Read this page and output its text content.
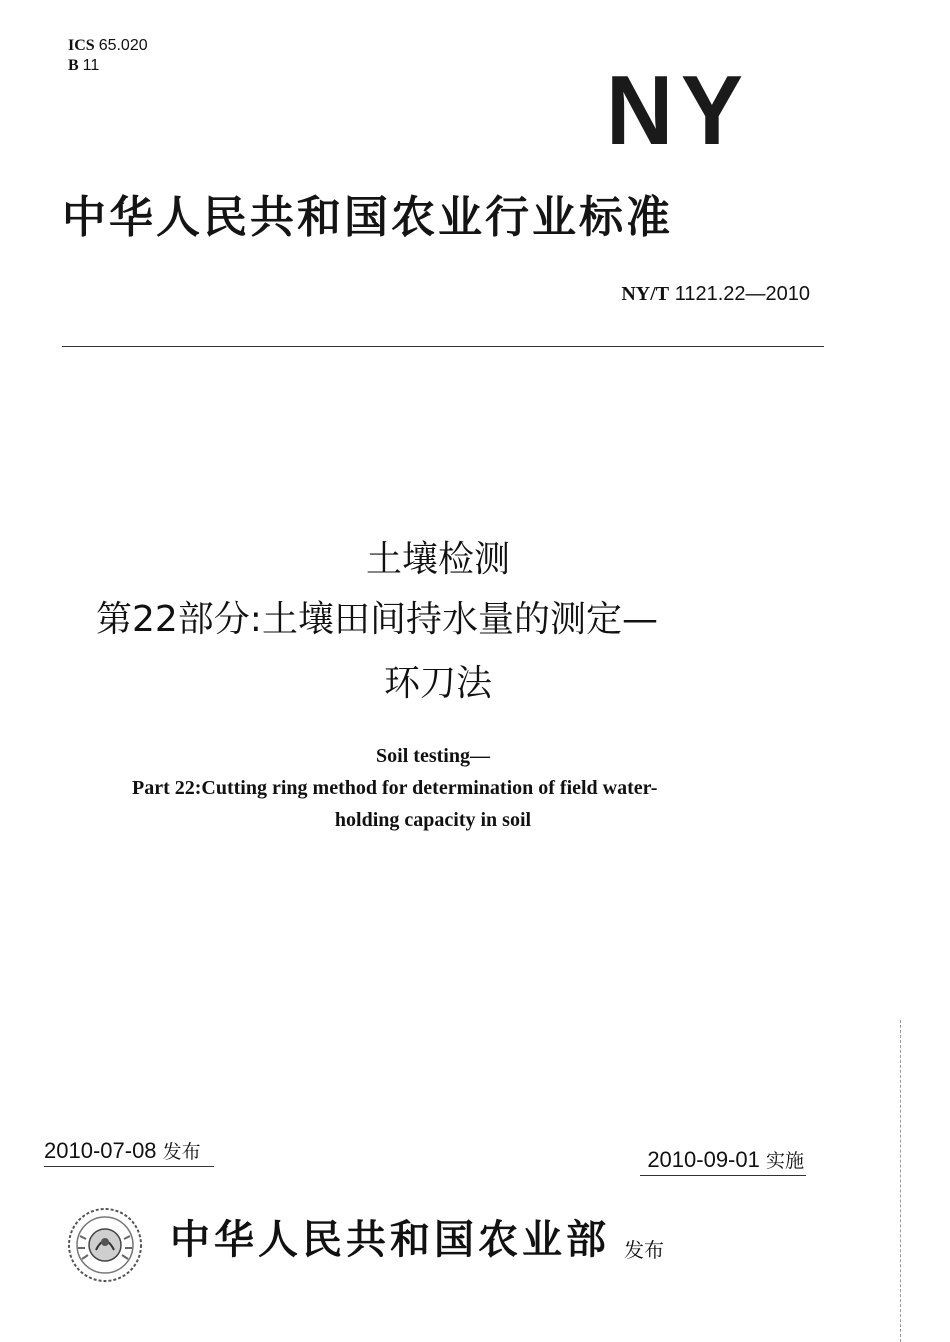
ICS 65.020
B 11	NY
中华人民共和国农业行业标准
NY/T 1121.22—2010
土壤检测
第22部分:土壤田间持水量的测定—
环刀法
Soil testing—
Part 22:Cutting ring method for determination of field water-
holding capacity in soil
2010-07-08 发布	2010-09-01 实施
中华人民共和国农业部 发布
